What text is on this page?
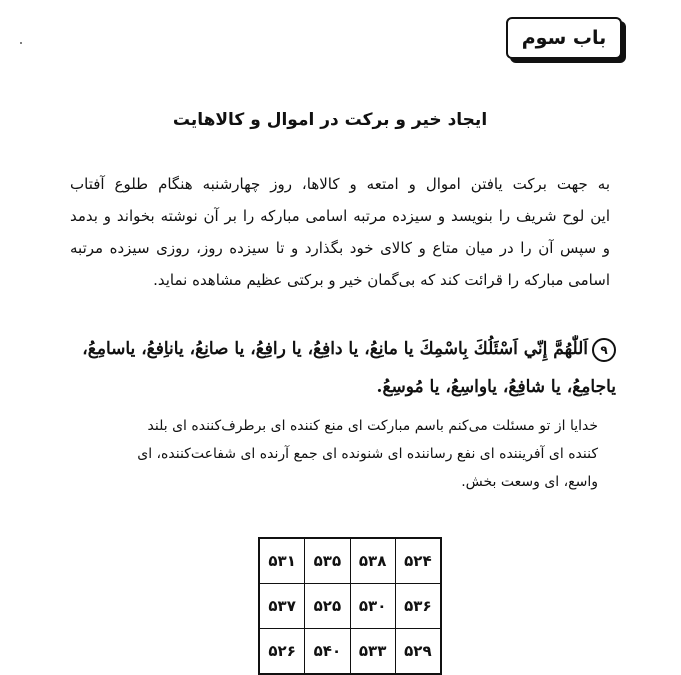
باب سوم
ایجاد خیر و برکت در اموال و کالاهایت
به جهت برکت یافتن اموال و امتعه و کالاها، روز چهارشنبه هنگام طلوع آفتاب
این لوح شریف را بنویسد و سیزده مرتبه اسامی مبارکه را بر آن نوشته بخواند و بدمد
و سپس آن را در میان متاع و کالای خود بگذارد و تا سیزده روز، روزی سیزده مرتبه
اسامی مبارکه را قرائت کند که بی‌گمان خیر و برکتی عظیم مشاهده نماید.
۹اَللّٰهُمَّ إِنّي اَسْئَلُكَ بِاسْمِكَ يا مانِعُ، يا دافِعُ، يا رافِعُ، يا صانِعُ، ياناِفعُ، ياسامِعُ،
ياجامِعُ، يا شافِعُ، ياواسِعُ، يا مُوسِعُ.
خدایا از تو مسئلت می‌کنم باسم مبارکت ای منع کننده ای برطرف‌کننده ای بلند
کننده ای آفریننده ای نفع رساننده ای شنونده ای جمع آرنده ای شفاعت‌کننده، ای
واسع، ای وسعت بخش.
۵۲۴	۵۳۸	۵۳۵	۵۳۱
۵۳۶	۵۳۰	۵۲۵	۵۳۷
۵۲۹	۵۳۳	۵۴۰	۵۲۶
